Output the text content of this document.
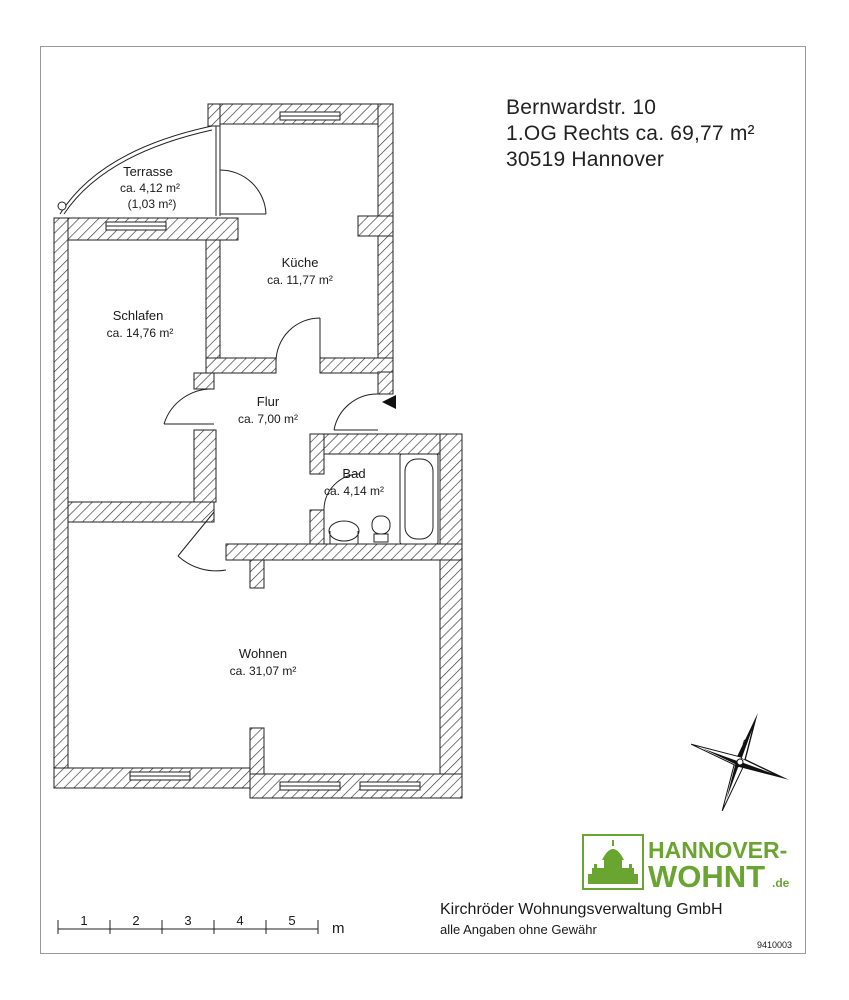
Terrasse
ca. 4,12 m²
(1,03 m²)
Küche
ca. 11,77 m²
Schlafen
ca. 14,76 m²
Flur
ca. 7,00 m²
Bad
ca. 4,14 m²
Wohnen
ca. 31,07 m²
N
1	2	3	4	5 m
Bernwardstr. 10
1.OG Rechts ca. 69,77 m²
30519 Hannover
HANNOVER-
WOHNT .de
Kirchröder Wohnungsverwaltung GmbH
alle Angaben ohne Gewähr
9410003
